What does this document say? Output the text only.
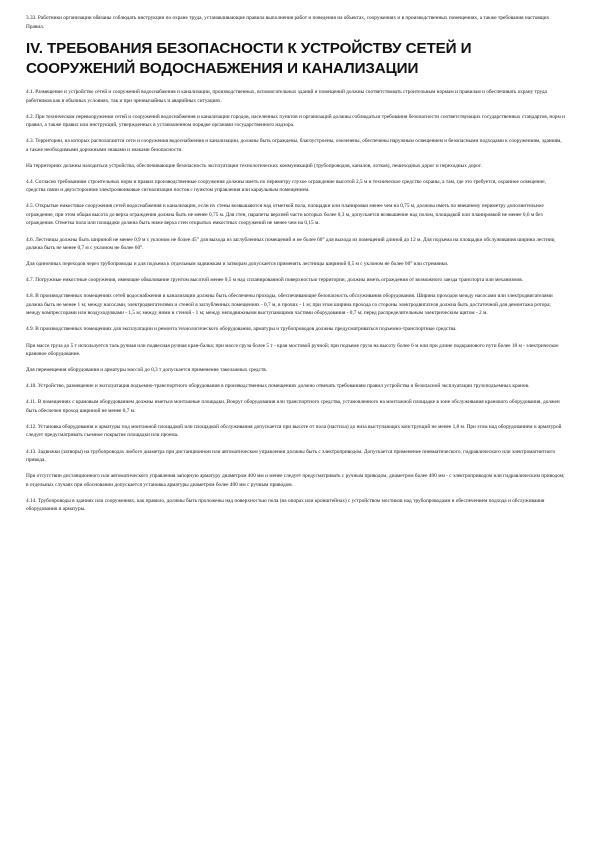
3.33. Работники организации обязаны соблюдать инструкции по охране труда, устанавливающие правила выполнения работ и поведения на объектах, сооружениях и в производственных помещениях, а также требования настоящих Правил.

IV. ТРЕБОВАНИЯ БЕЗОПАСНОСТИ К УСТРОЙСТВУ СЕТЕЙ И СООРУЖЕНИЙ ВОДОСНАБЖЕНИЯ И КАНАЛИЗАЦИИ

4.1. Размещение и устройство сетей и сооружений водоснабжения и канализации, производственных, вспомогательных зданий и помещений должны соответствовать строительным нормам и правилам и обеспечивать охрану труда работников как в обычных условиях, так и при чрезвычайных и аварийных ситуациях.

4.2. При техническом перевооружении сетей и сооружений водоснабжения и канализации городов, населенных пунктов и организаций должны соблюдаться требования безопасности соответствующих государственных стандартов, норм и правил, а также правил или инструкций, утвержденных в установленном порядке органами государственного надзора.

4.3. Территории, на которых располагаются сети и сооружения водоснабжения и канализации, должны быть ограждены, благоустроены, озеленены, обеспечены наружным освещением и безопасными подходами к сооружениям, зданиям, а также необходимыми дорожными знаками и знаками безопасности.

На территориях должны находиться устройства, обеспечивающие безопасность эксплуатации технологических коммуникаций (трубопроводов, каналов, лотков), пешеходных дорог и переходных дорог.

4.4. Согласно требованиям строительных норм и правил производственные сооружения должны иметь по периметру глухое ограждение высотой 2,5 м и техническое средство охраны, а там, где это требуется, охранное освещение, средства связи и двухсторонние электрозвонковые сигнализации постов с пунктом управления или караульным помещением.

4.5. Открытые емкостные сооружения сетей водоснабжения и канализации, если их стены возвышаются над отметкой пола, площадки или планировки менее чем на 0,75 м, должны иметь по внешнему периметру дополнительное ограждение, при этом общая высота до верха ограждения должна быть не менее 0,75 м. Для стен, парапеты верхней части которых более 0,3 м, допускается возвышение над полом, площадкой или планировкой не менее 0,6 м без ограждения. Отметка пола или площадки должна быть ниже верха стен открытых емкостных сооружений не менее чем на 0,15 м.

4.6. Лестницы должны быть шириной не менее 0,9 м с уклоном не более 45° для выхода из заглубленных помещений и не более 60° для выхода из помещений длиной до 12 м. Для подъема на площадки обслуживания ширина лестниц должна быть не менее 0,7 м с уклоном не более 60°.

Для одиночных переходов через трубопроводы и для подъема к отдельным задвижкам и затворам допускается применять лестницы шириной 0,5 м с уклоном не более 60° или стремянки.

4.7. Погружные емкостные сооружения, имеющие обвалование грунтом высотой менее 0,5 м над спланированной поверхностью территории, должны иметь ограждения от возможного заезда транспорта или механизмов.

4.8. В производственных помещениях сетей водоснабжения и канализации должны быть обеспечены проходы, обеспечивающие безопасность обслуживания оборудования. Ширина проходов между насосами или электродвигателями должна быть не менее 1 м; между насосами, электродвигателями и стеной в заглубленных помещениях - 0,7 м, в прочих - 1 м; при этом ширина прохода со стороны электродвигателя должна быть достаточной для демонтажа ротора; между компрессорами или воздуходувками - 1,5 м; между ними и стеной - 1 м; между неподвижными выступающими частями оборудования - 0,7 м; перед распределительным электрическим щитом - 2 м.

4.9. В производственных помещениях для эксплуатации и ремонта технологического оборудования, арматуры и трубопроводов должны предусматриваться подъемно-транспортные средства.

При массе груза до 5 т используется таль ручная или подвесная ручная кран-балка; при массе груза более 5 т - кран мостовой ручной; при подъеме груза на высоту более 6 м или при длине подкранового пути более 18 м - электрическое крановое оборудование.

Для перемещения оборудования и арматуры массой до 0,3 т допускается применение такелажных средств.

4.10. Устройство, размещение и эксплуатация подъемно-транспортного оборудования в производственных помещениях должно отвечать требованиям правил устройства и безопасной эксплуатации грузоподъемных кранов.

4.11. В помещениях с крановым оборудованием должны иметься монтажные площадки. Вокруг оборудования или транспортного средства, установленного на монтажной площадке в зоне обслуживания кранового оборудования, должен быть обеспечен проход шириной не менее 0,7 м.

4.12. Установка оборудования и арматуры под монтажной площадкой или площадкой обслуживания допускается при высоте от пола (настила) до низа выступающих конструкций не менее 1,8 м. При этом над оборудованием и арматурой следует предусматривать съемное покрытие площадки или проема.

4.13. Задвижки (затворы) на трубопроводах любого диаметра при дистанционном или автоматическом управлении должны быть с электроприводом. Допускается применение пневматического, гидравлического или электромагнитного привода.

При отсутствии дистанционного или автоматического управления запорную арматуру диаметром 400 мм и менее следует предусматривать с ручным приводом, диаметром более 400 мм - с электроприводом или гидравлическим приводом; в отдельных случаях при обосновании допускается установка арматуры диаметром более 400 мм с ручным приводом.

4.14. Трубопроводы в зданиях или сооружениях, как правило, должны быть проложены над поверхностью пола (на опорах или кронштейнах) с устройством мостиков над трубопроводами и обеспечением подхода и обслуживания оборудования и арматуры.
